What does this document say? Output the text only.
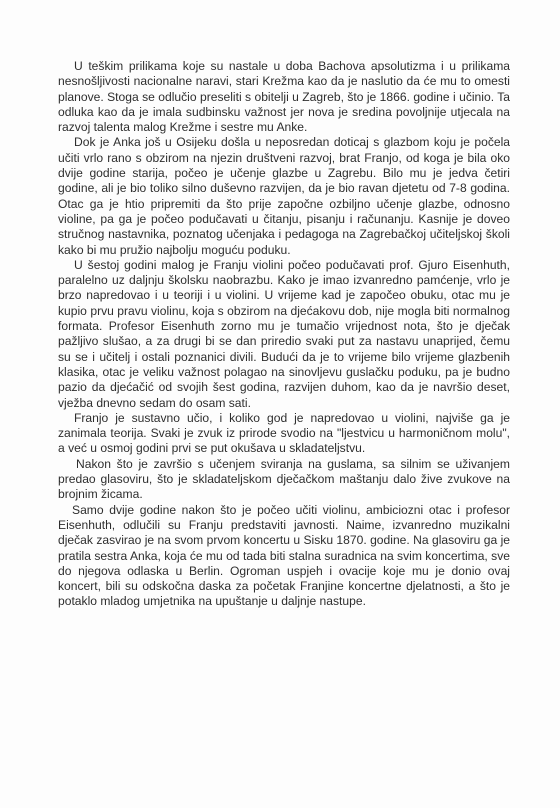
U teškim prilikama koje su nastale u doba Bachova apsolutizma i u prilikama nesnošljivosti nacionalne naravi, stari Krežma kao da je naslutio da će mu to omesti planove. Stoga se odlučio preseliti s obitelji u Zagreb, što je 1866. godine i učinio. Ta odluka kao da je imala sudbinsku važnost jer nova je sredina povoljnije utjecala na razvoj talenta malog Krežme i sestre mu Anke.

Dok je Anka još u Osijeku došla u neposredan doticaj s glazbom koju je počela učiti vrlo rano s obzirom na njezin društveni razvoj, brat Franjo, od koga je bila oko dvije godine starija, počeo je učenje glazbe u Zagrebu. Bilo mu je jedva četiri godine, ali je bio toliko silno duševno razvijen, da je bio ravan djetetu od 7-8 godina. Otac ga je htio pripremiti da što prije započne ozbiljno učenje glazbe, odnosno violine, pa ga je počeo podučavati u čitanju, pisanju i računanju. Kasnije je doveo stručnog nastavnika, poznatog učenjaka i pedagoga na Zagrebačkoj učiteljskoj školi kako bi mu pružio najbolju moguću poduku.

U šestoj godini malog je Franju violini počeo podučavati prof. Gjuro Eisenhuth, paralelno uz daljnju školsku naobrazbu. Kako je imao izvanredno pamćenje, vrlo je brzo napredovao i u teoriji i u violini. U vrijeme kad je započeo obuku, otac mu je kupio prvu pravu violinu, koja s obzirom na djećakovu dob, nije mogla biti normalnog formata. Profesor Eisenhuth zorno mu je tumačio vrijednost nota, što je dječak pažljivo slušao, a za drugi bi se dan priredio svaki put za nastavu unaprijed, čemu su se i učitelj i ostali poznanici divili. Budući da je to vrijeme bilo vrijeme glazbenih klasika, otac je veliku važnost polagao na sinovljevu guslačku poduku, pa je budno pazio da djećačić od svojih šest godina, razvijen duhom, kao da je navršio deset, vježba dnevno sedam do osam sati.

Franjo je sustavno učio, i koliko god je napredovao u violini, najviše ga je zanimala teorija. Svaki je zvuk iz prirode svodio na "ljestvicu u harmoničnom molu", a već u osmoj godini prvi se put okušava u skladateljstvu.

Nakon što je završio s učenjem sviranja na guslama, sa silnim se uživanjem predao glasoviru, što je skladateljskom dječačkom maštanju dalo žive zvukove na brojnim žicama.

Samo dvije godine nakon što je počeo učiti violinu, ambiciozni otac i profesor Eisenhuth, odlučili su Franju predstaviti javnosti. Naime, izvanredno muzikalni dječak zasvirao je na svom prvom koncertu u Sisku 1870. godine. Na glasoviru ga je pratila sestra Anka, koja će mu od tada biti stalna suradnica na svim koncertima, sve do njegova odlaska u Berlin. Ogroman uspjeh i ovacije koje mu je donio ovaj koncert, bili su odskočna daska za početak Franjine koncertne djelatnosti, a što je potaklo mladog umjetnika na upuštanje u daljnje nastupe.
